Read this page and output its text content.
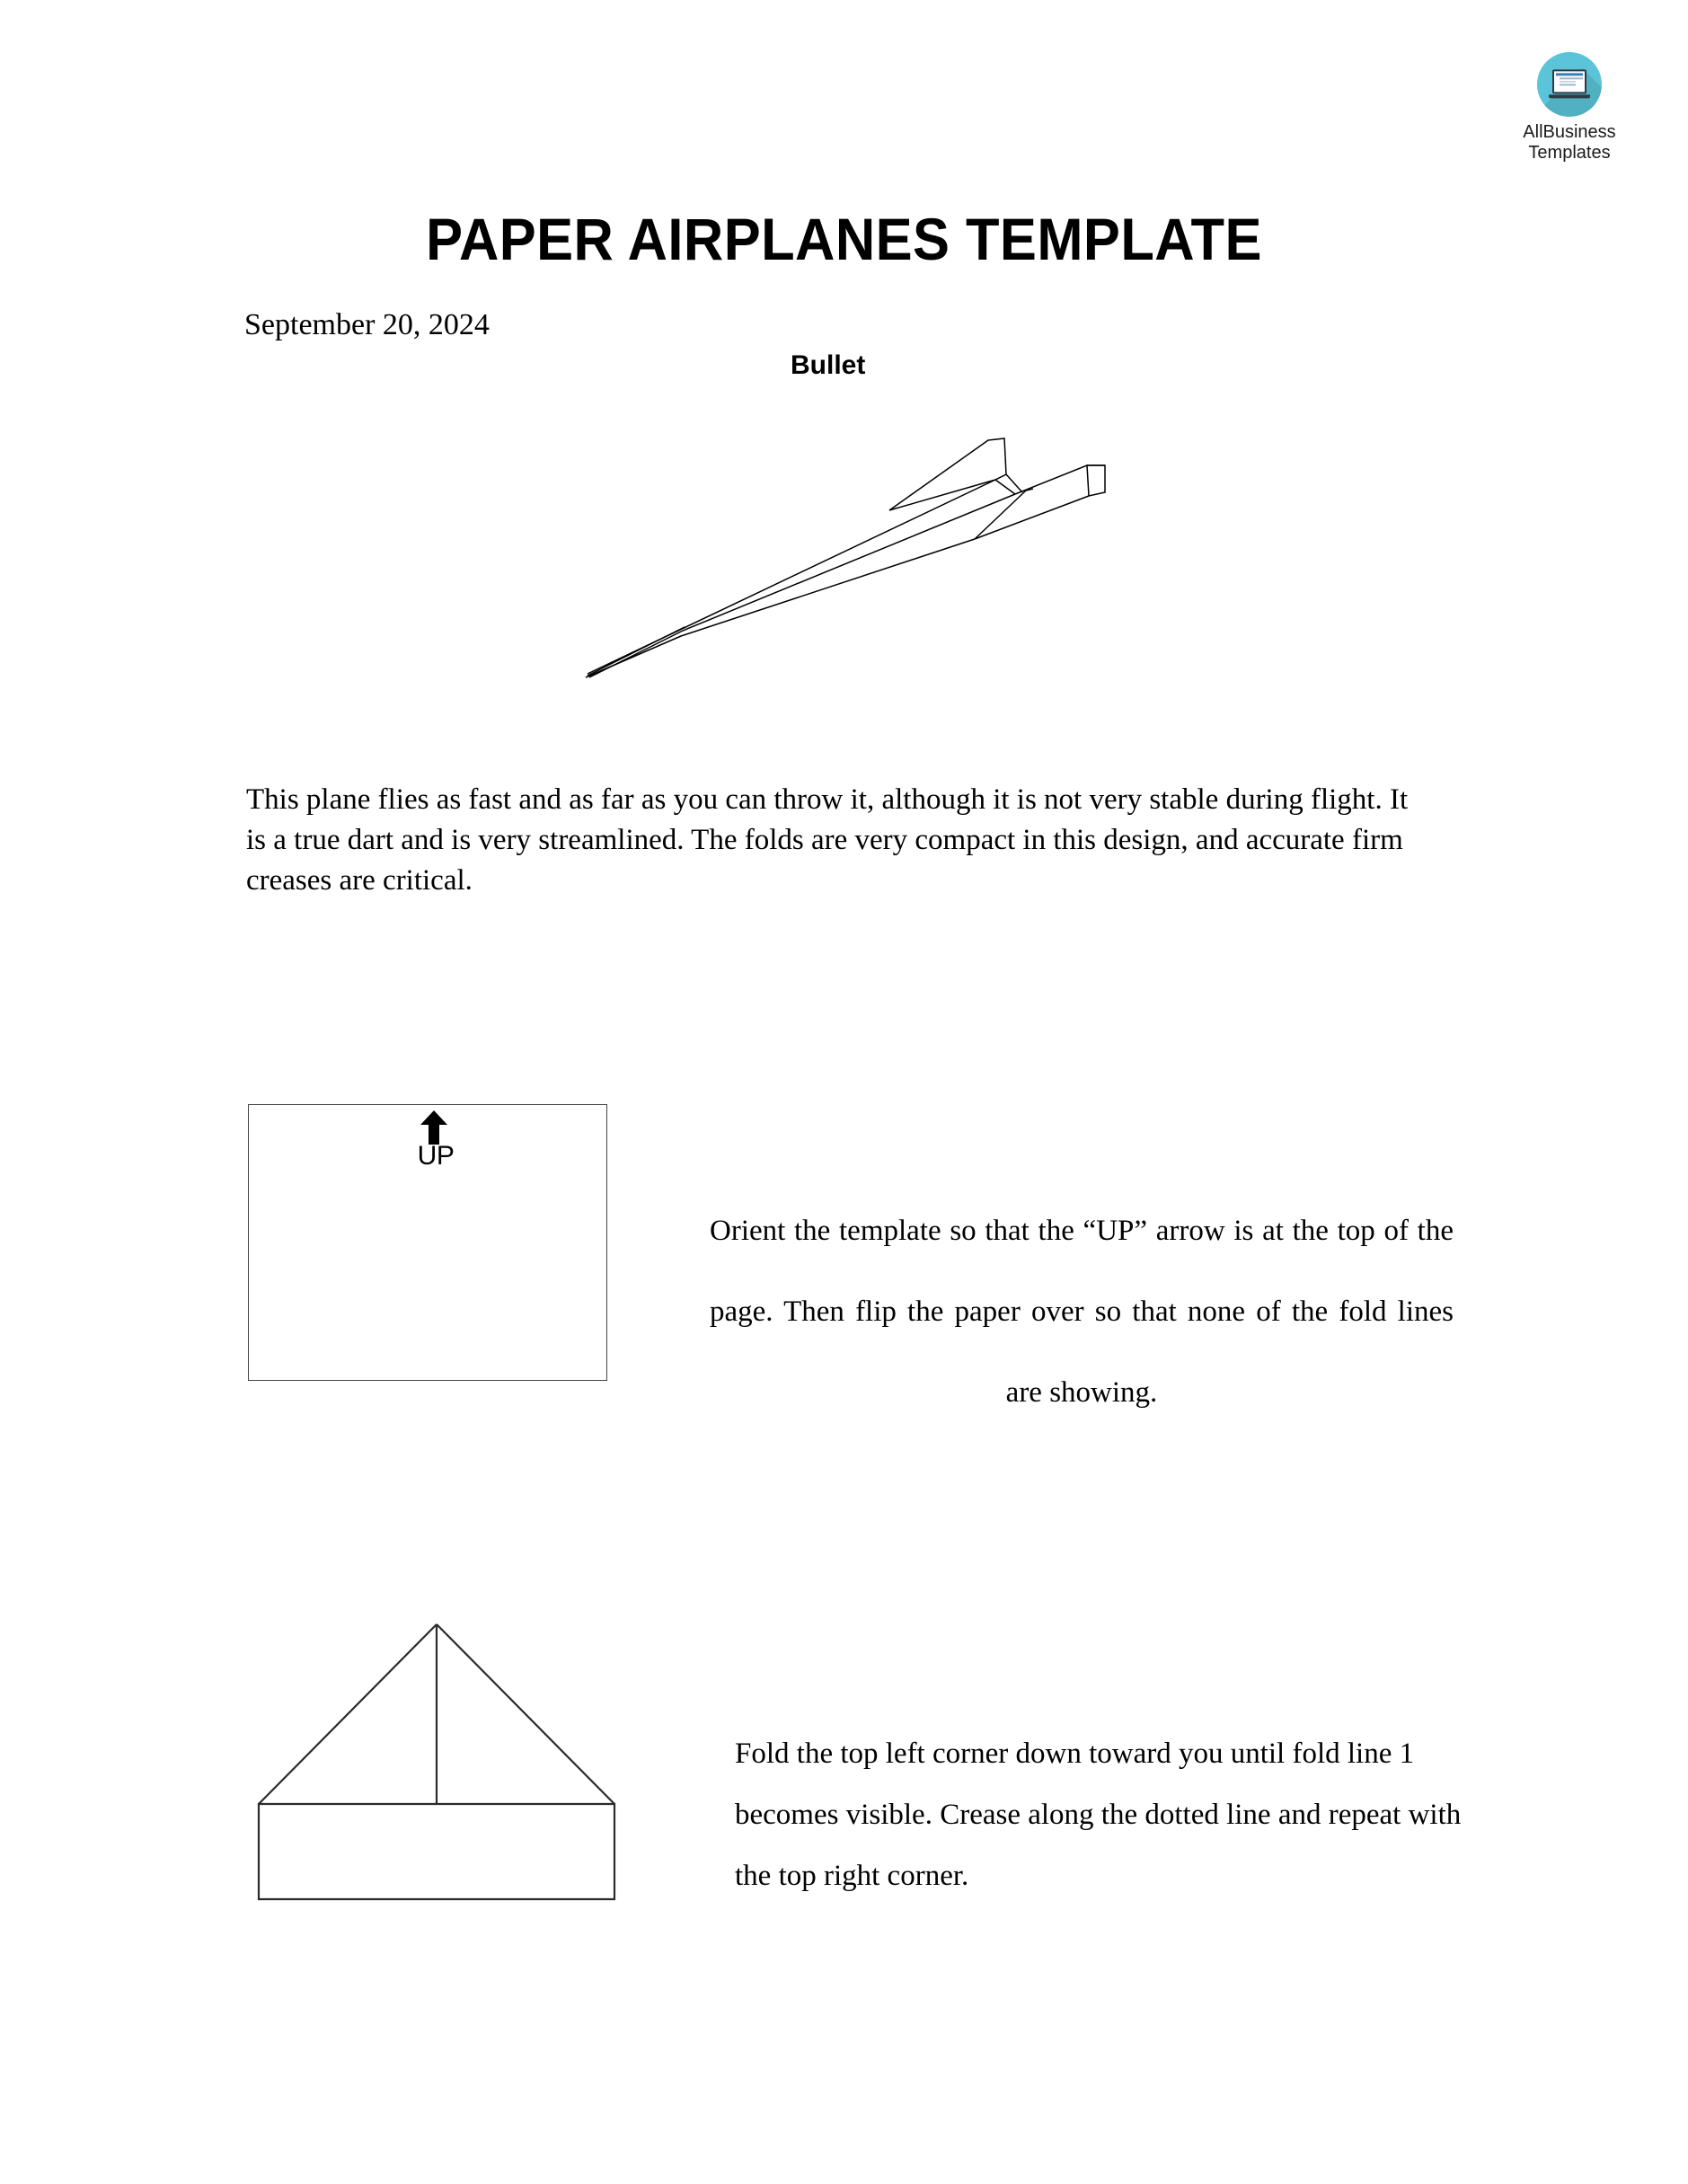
AllBusiness
Templates
PAPER AIRPLANES TEMPLATE
September 20, 2024
Bullet
This plane flies as fast and as far as you can throw it, although it is not very stable during flight. It is a true dart and is very streamlined. The folds are very compact in this design, and accurate firm creases are critical.
UP
Orient the template so that the “UP” arrow is at the top of the page. Then flip the paper over so that none of the fold lines are showing.
Fold the top left corner down toward you until fold line 1 becomes visible. Crease along the dotted line and repeat with the top right corner.
